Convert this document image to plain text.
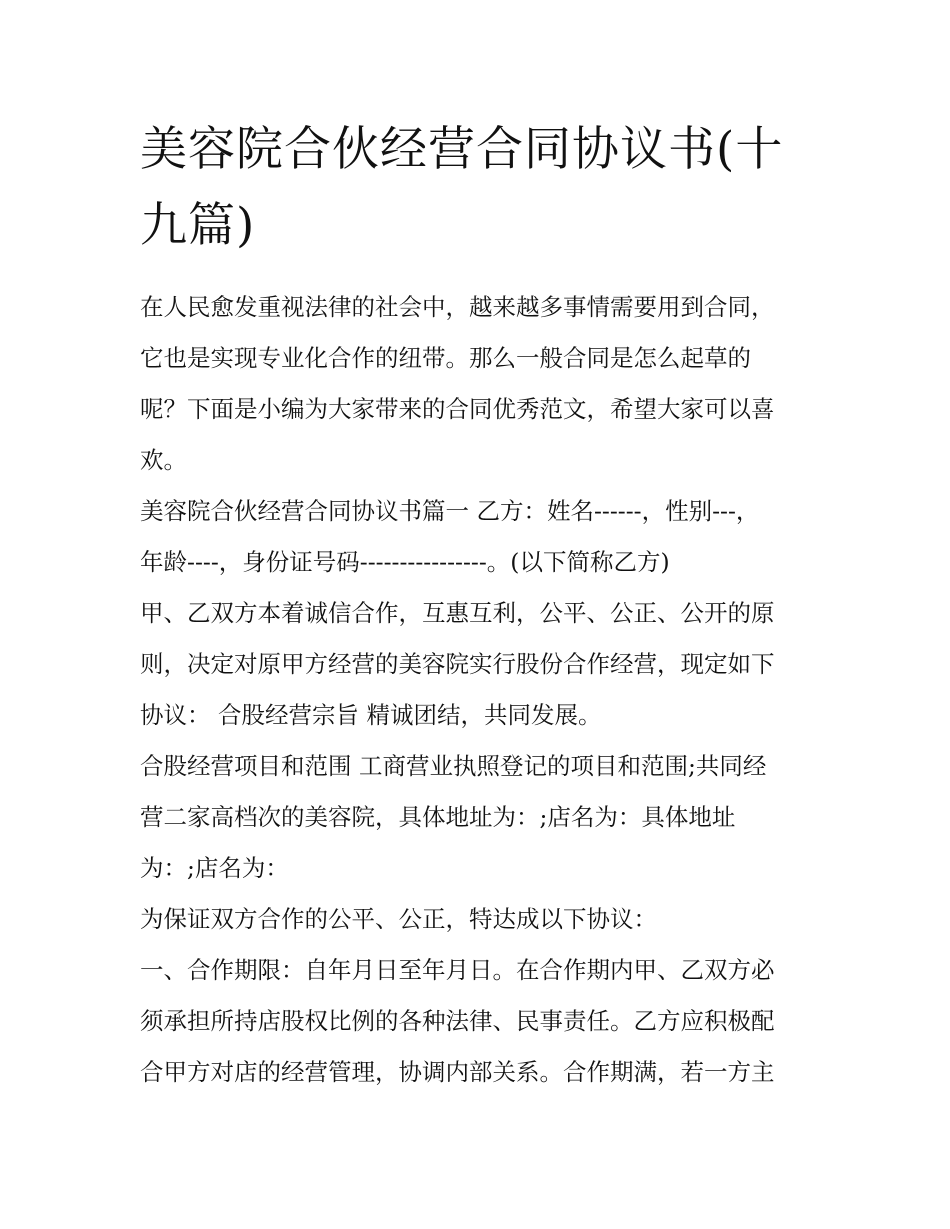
美容院合伙经营合同协议书(十
九篇)

在人民愈发重视法律的社会中，越来越多事情需要用到合同，
它也是实现专业化合作的纽带。那么一般合同是怎么起草的
呢？下面是小编为大家带来的合同优秀范文，希望大家可以喜
欢。

美容院合伙经营合同协议书篇一 乙方：姓名------，性别---，
年龄----，身份证号码----------------。(以下简称乙方)

甲、乙双方本着诚信合作，互惠互利，公平、公正、公开的原
则，决定对原甲方经营的美容院实行股份合作经营，现定如下
协议： 合股经营宗旨 精诚团结，共同发展。

合股经营项目和范围 工商营业执照登记的项目和范围;共同经
营二家高档次的美容院，具体地址为：;店名为：具体地址
为：;店名为：

为保证双方合作的公平、公正，特达成以下协议：

一、合作期限：自年月日至年月日。在合作期内甲、乙双方必
须承担所持店股权比例的各种法律、民事责任。乙方应积极配
合甲方对店的经营管理，协调内部关系。合作期满，若一方主
